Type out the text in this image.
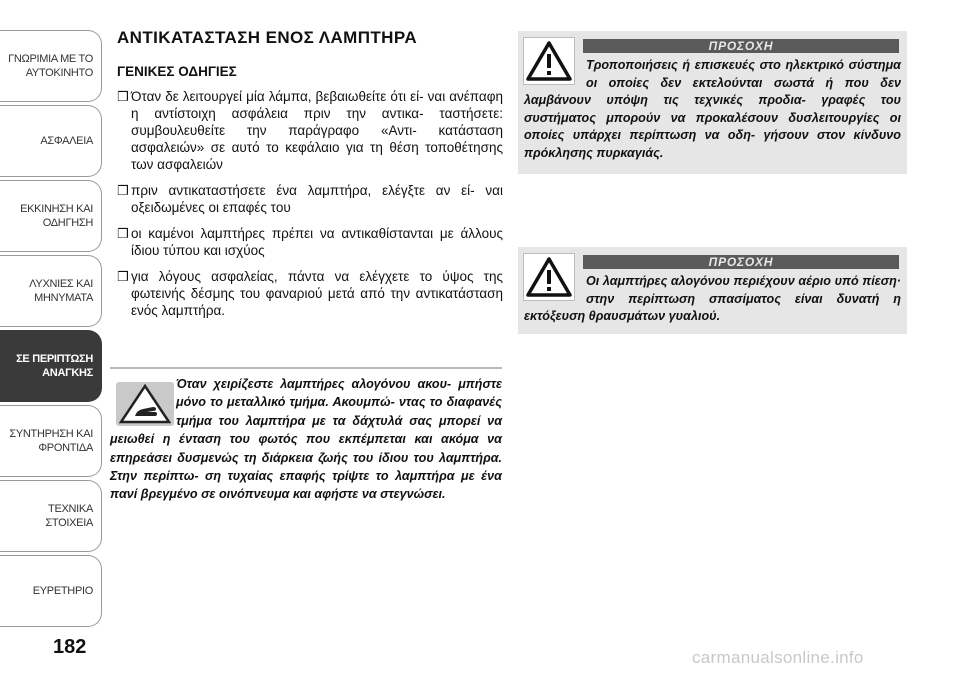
ΓΝΩΡΙΜΙΑ ΜΕ ΤΟ
ΑΥΤΟΚΙΝΗΤΟ
ΑΣΦΑΛΕΙΑ
ΕΚΚΙΝΗΣΗ ΚΑΙ
ΟΔΗΓΗΣΗ
ΛΥΧΝΙΕΣ ΚΑΙ
ΜΗΝΥΜΑΤΑ
ΣΕ ΠΕΡΙΠΤΩΣΗ
ΑΝΑΓΚΗΣ
ΣΥΝΤΗΡΗΣΗ ΚΑΙ
ΦΡΟΝΤΙΔΑ
ΤΕΧΝΙΚΑ ΣΤΟΙΧΕΙΑ
ΕΥΡΕΤΗΡΙΟ
182
ΑΝΤΙΚΑΤΑΣΤΑΣΗ ΕΝΟΣ ΛΑΜΠΤΗΡΑ
ΓΕΝΙΚΕΣ ΟΔΗΓΙΕΣ
❒ Όταν δε λειτουργεί μία λάμπα, βεβαιωθείτε ότι εί- ναι ανέπαφη η αντίστοιχη ασφάλεια πριν την αντικα- ταστήσετε: συμβουλευθείτε την παράγραφο «Αντι- κατάσταση ασφαλειών» σε αυτό το κεφάλαιο για τη θέση τοποθέτησης των ασφαλειών
❒ πριν αντικαταστήσετε ένα λαμπτήρα, ελέγξτε αν εί- ναι οξειδωμένες οι επαφές του
❒ οι καμένοι λαμπτήρες πρέπει να αντικαθίστανται με άλλους ίδιου τύπου και ισχύος
❒ για λόγους ασφαλείας, πάντα να ελέγχετε το ύψος της φωτεινής δέσμης του φαναριού μετά από την αντικατάσταση ενός λαμπτήρα.
Όταν χειρίζεστε λαμπτήρες αλογόνου ακου- μπήστε μόνο το μεταλλικό τμήμα. Ακουμπώ- ντας το διαφανές τμήμα του λαμπτήρα με τα δάχτυλά σας μπορεί να μειωθεί η ένταση του φωτός που εκπέμπεται και ακόμα να επηρεάσει δυσμενώς τη διάρκεια ζωής του ίδιου του λαμπτήρα. Στην περίπτω- ση τυχαίας επαφής τρίψτε το λαμπτήρα με ένα πανί βρεγμένο σε οινόπνευμα και αφήστε να στεγνώσει.
ΠΡΟΣΟΧΗ
Τροποποιήσεις ή επισκευές στο ηλεκτρικό σύστημα οι οποίες δεν εκτελούνται σωστά ή που δεν λαμβάνουν υπόψη τις τεχνικές προδια- γραφές του συστήματος μπορούν να προκαλέσουν δυσλειτουργίες οι οποίες υπάρχει περίπτωση να οδη- γήσουν στον κίνδυνο πρόκλησης πυρκαγιάς.
ΠΡΟΣΟΧΗ
Οι λαμπτήρες αλογόνου περιέχουν αέριο υπό πίεση· στην περίπτωση σπασίματος είναι δυνατή η εκτόξευση θραυσμάτων γυαλιού.
carmanualsonline.info
